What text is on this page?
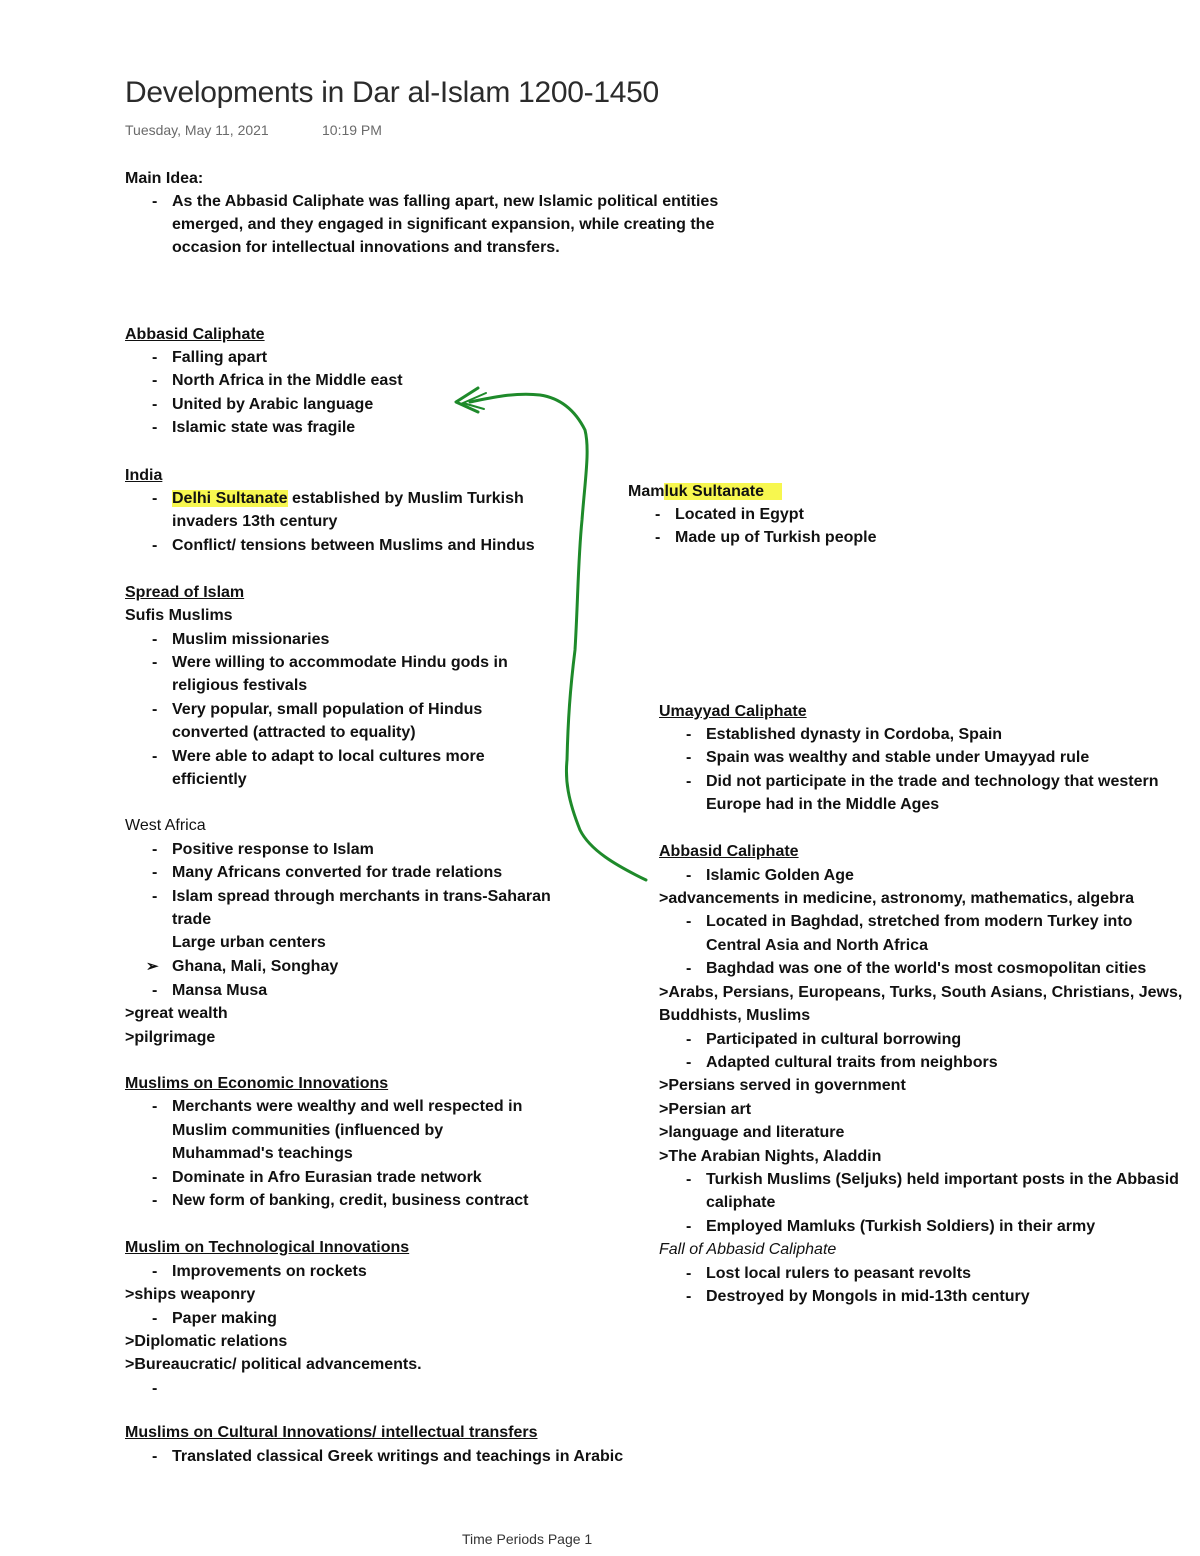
Developments in Dar al-Islam 1200-1450
Tuesday, May 11, 2021	10:19 PM
Main Idea:
- As the Abbasid Caliphate was falling apart, new Islamic political entities
emerged, and they engaged in significant expansion, while creating the
occasion for intellectual innovations and transfers.
Abbasid Caliphate
- Falling apart
- North Africa in the Middle east
- United by Arabic language
- Islamic state was fragile
India
- Delhi Sultanate established by Muslim Turkish
invaders 13th century
- Conflict/ tensions between Muslims and Hindus
Spread of Islam
Sufis Muslims
- Muslim missionaries
- Were willing to accommodate Hindu gods in
religious festivals
- Very popular, small population of Hindus
converted (attracted to equality)
- Were able to adapt to local cultures more
efficiently
West Africa
- Positive response to Islam
- Many Africans converted for trade relations
- Islam spread through merchants in trans-Saharan
trade
Large urban centers
➢ Ghana, Mali, Songhay
- Mansa Musa
>great wealth
>pilgrimage
Muslims on Economic Innovations
- Merchants were wealthy and well respected in
Muslim communities (influenced by
Muhammad's teachings
- Dominate in Afro Eurasian trade network
- New form of banking, credit, business contract
Muslim on Technological Innovations
- Improvements on rockets
>ships weaponry
- Paper making
>Diplomatic relations
>Bureaucratic/ political advancements.
Muslims on Cultural Innovations/ intellectual transfers
- Translated classical Greek writings and teachings in Arabic
Mamluk Sultanate
- Located in Egypt
- Made up of Turkish people
Umayyad Caliphate
- Established dynasty in Cordoba, Spain
- Spain was wealthy and stable under Umayyad rule
- Did not participate in the trade and technology that western
Europe had in the Middle Ages
Abbasid Caliphate
- Islamic Golden Age
>advancements in medicine, astronomy, mathematics, algebra
- Located in Baghdad, stretched from modern Turkey into
Central Asia and North Africa
- Baghdad was one of the world's most cosmopolitan cities
>Arabs, Persians, Europeans, Turks, South Asians, Christians, Jews,
Buddhists, Muslims
- Participated in cultural borrowing
- Adapted cultural traits from neighbors
>Persians served in government
>Persian art
>language and literature
>The Arabian Nights, Aladdin
- Turkish Muslims (Seljuks) held important posts in the Abbasid
caliphate
- Employed Mamluks (Turkish Soldiers) in their army
Fall of Abbasid Caliphate
- Lost local rulers to peasant revolts
- Destroyed by Mongols in mid-13th century
Time Periods Page 1
